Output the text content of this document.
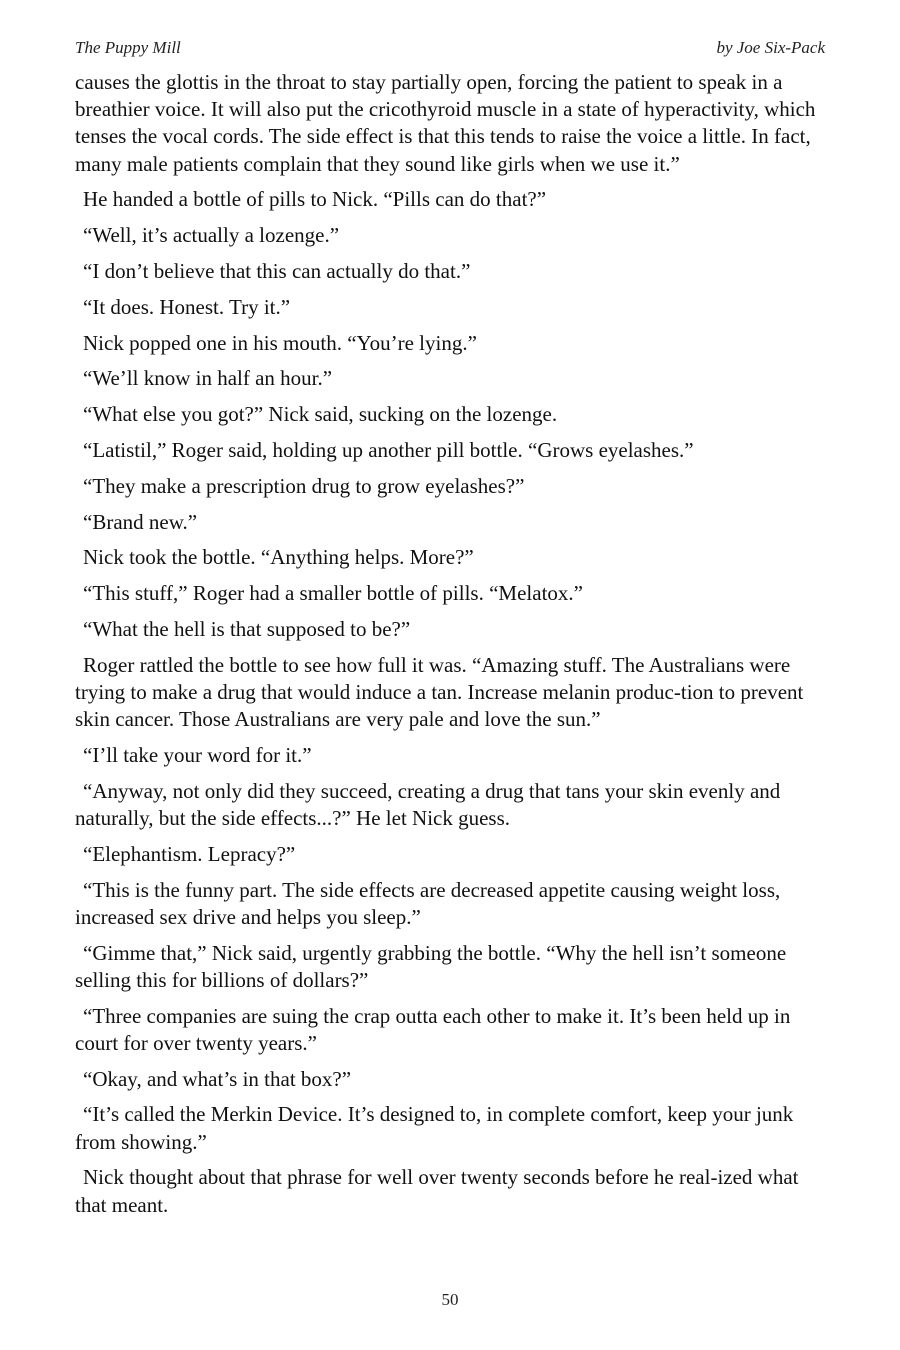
The Puppy Mill	by Joe Six-Pack

causes the glottis in the throat to stay partially open, forcing the patient to speak in a breathier voice. It will also put the cricothyroid muscle in a state of hyperactivity, which tenses the vocal cords. The side effect is that this tends to raise the voice a little. In fact, many male patients complain that they sound like girls when we use it.”

He handed a bottle of pills to Nick. “Pills can do that?”

“Well, it’s actually a lozenge.”

“I don’t believe that this can actually do that.”

“It does. Honest. Try it.”

Nick popped one in his mouth. “You’re lying.”

“We’ll know in half an hour.”

“What else you got?” Nick said, sucking on the lozenge.

“Latistil,” Roger said, holding up another pill bottle. “Grows eyelashes.”

“They make a prescription drug to grow eyelashes?”

“Brand new.”

Nick took the bottle. “Anything helps. More?”

“This stuff,” Roger had a smaller bottle of pills. “Melatox.”

“What the hell is that supposed to be?”

Roger rattled the bottle to see how full it was. “Amazing stuff. The Australians were trying to make a drug that would induce a tan. Increase melanin produc-tion to prevent skin cancer. Those Australians are very pale and love the sun.”

“I’ll take your word for it.”

“Anyway, not only did they succeed, creating a drug that tans your skin evenly and naturally, but the side effects...?” He let Nick guess.

“Elephantism. Lepracy?”

“This is the funny part. The side effects are decreased appetite causing weight loss, increased sex drive and helps you sleep.”

“Gimme that,” Nick said, urgently grabbing the bottle. “Why the hell isn’t someone selling this for billions of dollars?”

“Three companies are suing the crap outta each other to make it. It’s been held up in court for over twenty years.”

“Okay, and what’s in that box?”

“It’s called the Merkin Device. It’s designed to, in complete comfort, keep your junk from showing.”

Nick thought about that phrase for well over twenty seconds before he real-ized what that meant.

50
